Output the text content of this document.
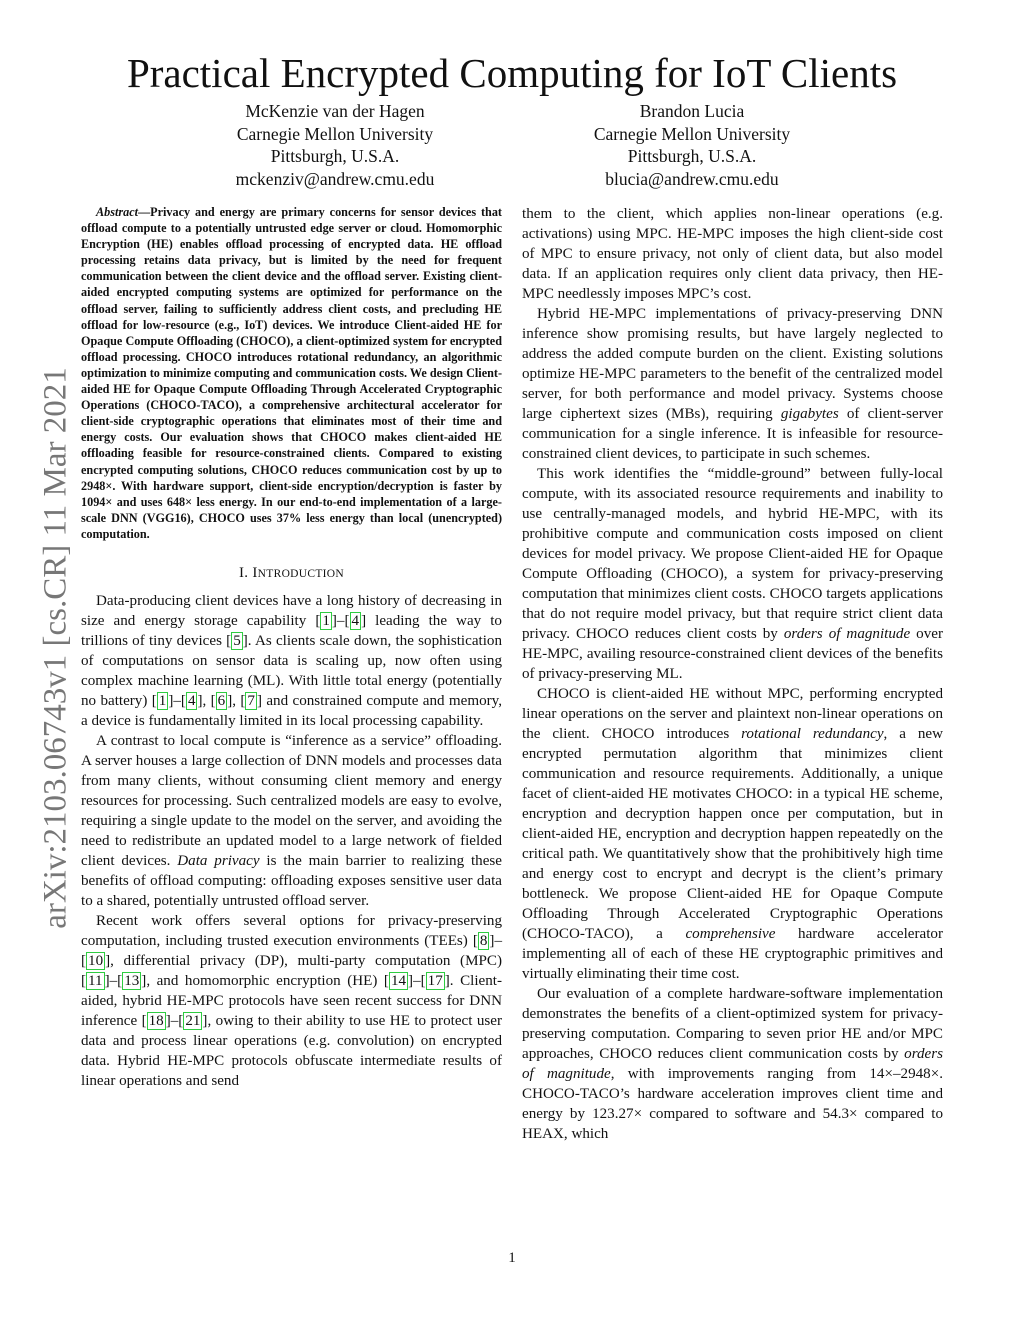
Practical Encrypted Computing for IoT Clients
McKenzie van der Hagen
Carnegie Mellon University
Pittsburgh, U.S.A.
mckenziv@andrew.cmu.edu
Brandon Lucia
Carnegie Mellon University
Pittsburgh, U.S.A.
blucia@andrew.cmu.edu
arXiv:2103.06743v1 [cs.CR] 11 Mar 2021

Abstract—Privacy and energy are primary concerns for sensor devices that offload compute to a potentially untrusted edge server or cloud. Homomorphic Encryption (HE) enables offload processing of encrypted data. HE offload processing retains data privacy, but is limited by the need for frequent communication between the client device and the offload server. Existing client-aided encrypted computing systems are optimized for performance on the offload server, failing to sufficiently address client costs, and precluding HE offload for low-resource (e.g., IoT) devices. We introduce Client-aided HE for Opaque Compute Offloading (CHOCO), a client-optimized system for encrypted offload processing. CHOCO introduces rotational redundancy, an algorithmic optimization to minimize computing and communication costs. We design Client-aided HE for Opaque Compute Offloading Through Accelerated Cryptographic Operations (CHOCO-TACO), a comprehensive architectural accelerator for client-side cryptographic operations that eliminates most of their time and energy costs. Our evaluation shows that CHOCO makes client-aided HE offloading feasible for resource-constrained clients. Compared to existing encrypted computing solutions, CHOCO reduces communication cost by up to 2948×. With hardware support, client-side encryption/decryption is faster by 1094× and uses 648× less energy. In our end-to-end implementation of a large-scale DNN (VGG16), CHOCO uses 37% less energy than local (unencrypted) computation.

I. INTRODUCTION

Data-producing client devices have a long history of decreasing in size and energy storage capability [ 1 ]–[ 4 ] leading the way to trillions of tiny devices [ 5 ]. As clients scale down, the sophistication of computations on sensor data is scaling up, now often using complex machine learning (ML). With little total energy (potentially no battery) [ 1 ]–[ 4 ], [ 6 ], [ 7 ] and constrained compute and memory, a device is fundamentally limited in its local processing capability.

A contrast to local compute is “inference as a service” offloading. A server houses a large collection of DNN models and processes data from many clients, without consuming client memory and energy resources for processing. Such centralized models are easy to evolve, requiring a single update to the model on the server, and avoiding the need to redistribute an updated model to a large network of fielded client devices. Data privacy is the main barrier to realizing these benefits of offload computing: offloading exposes sensitive user data to a shared, potentially untrusted offload server.

Recent work offers several options for privacy-preserving computation, including trusted execution environments (TEEs) [ 8 ]–[ 10 ], differential privacy (DP), multi-party computation (MPC) [ 11 ]–[ 13 ], and homomorphic encryption (HE) [ 14 ]–[ 17 ]. Client-aided, hybrid HE-MPC protocols have seen recent success for DNN inference [ 18 ]–[ 21 ], owing to their ability to use HE to protect user data and process linear operations (e.g. convolution) on encrypted data. Hybrid HE-MPC protocols obfuscate intermediate results of linear operations and send

them to the client, which applies non-linear operations (e.g. activations) using MPC. HE-MPC imposes the high client-side cost of MPC to ensure privacy, not only of client data, but also model data. If an application requires only client data privacy, then HE-MPC needlessly imposes MPC’s cost.

Hybrid HE-MPC implementations of privacy-preserving DNN inference show promising results, but have largely neglected to address the added compute burden on the client. Existing solutions optimize HE-MPC parameters to the benefit of the centralized model server, for both performance and model privacy. Systems choose large ciphertext sizes (MBs), requiring gigabytes of client-server communication for a single inference. It is infeasible for resource-constrained client devices, to participate in such schemes.

This work identifies the “middle-ground” between fully-local compute, with its associated resource requirements and inability to use centrally-managed models, and hybrid HE-MPC, with its prohibitive compute and communication costs imposed on client devices for model privacy. We propose Client-aided HE for Opaque Compute Offloading (CHOCO), a system for privacy-preserving computation that minimizes client costs. CHOCO targets applications that do not require model privacy, but that require strict client data privacy. CHOCO reduces client costs by orders of magnitude over HE-MPC, availing resource-constrained client devices of the benefits of privacy-preserving ML.

CHOCO is client-aided HE without MPC, performing encrypted linear operations on the server and plaintext non-linear operations on the client. CHOCO introduces rotational redundancy, a new encrypted permutation algorithm that minimizes client communication and resource requirements. Additionally, a unique facet of client-aided HE motivates CHOCO: in a typical HE scheme, encryption and decryption happen once per computation, but in client-aided HE, encryption and decryption happen repeatedly on the critical path. We quantitatively show that the prohibitively high time and energy cost to encrypt and decrypt is the client’s primary bottleneck. We propose Client-aided HE for Opaque Compute Offloading Through Accelerated Cryptographic Operations (CHOCO-TACO), a comprehensive hardware accelerator implementing all of each of these HE cryptographic primitives and virtually eliminating their time cost.

Our evaluation of a complete hardware-software implementation demonstrates the benefits of a client-optimized system for privacy-preserving computation. Comparing to seven prior HE and/or MPC approaches, CHOCO reduces client communication costs by orders of magnitude, with improvements ranging from 14×–2948×. CHOCO-TACO’s hardware acceleration improves client time and energy by 123.27× compared to software and 54.3× compared to HEAX, which

1
